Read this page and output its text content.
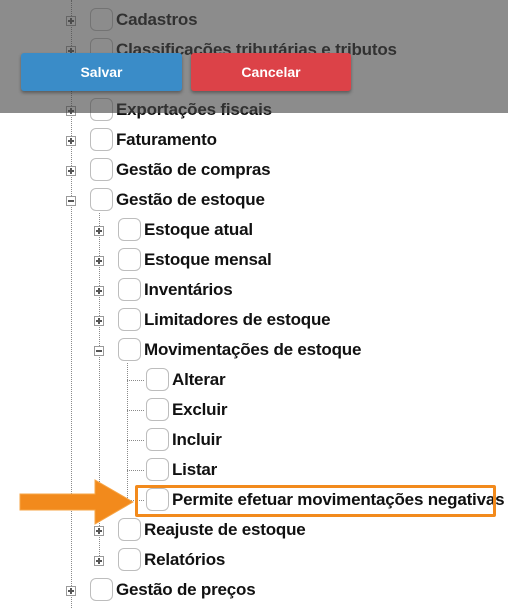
Faturamento
Gestão de compras
Gestão de estoque
Estoque atual
Estoque mensal
Inventários
Limitadores de estoque
Movimentações de estoque
Alterar
Excluir
Incluir
Listar
Permite efetuar movimentações negativas
Reajuste de estoque
Relatórios
Gestão de preços
Salvar	Cancelar
